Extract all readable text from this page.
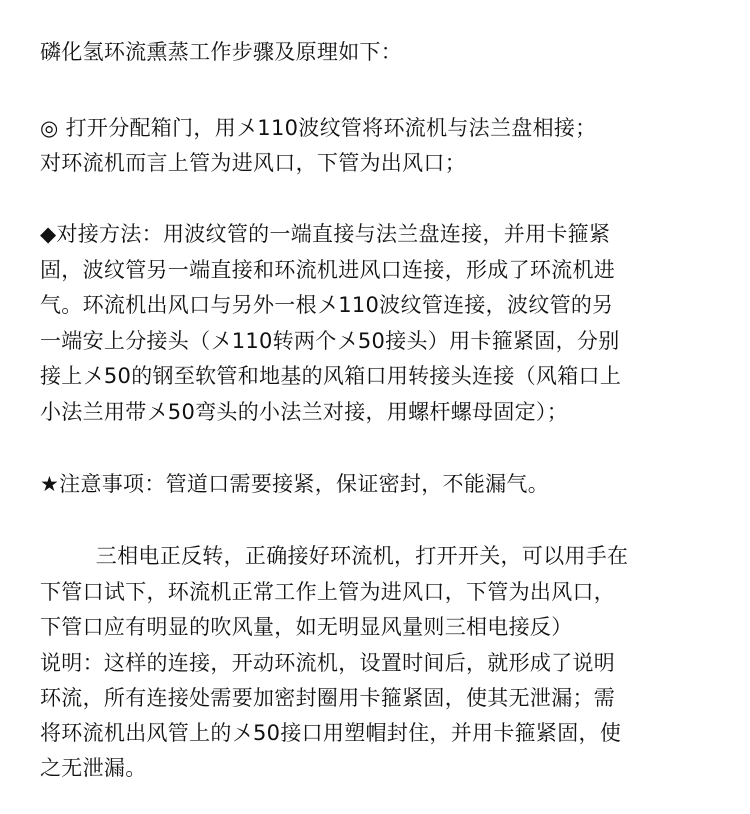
磷化氢环流熏蒸工作步骤及原理如下：
◎ 打开分配箱门，用〤110波纹管将环流机与法兰盘相接；
对环流机而言上管为进风口，下管为出风口；
◆对接方法：用波纹管的一端直接与法兰盘连接，并用卡箍紧
固，波纹管另一端直接和环流机进风口连接，形成了环流机进
气。环流机出风口与另外一根〤110波纹管连接，波纹管的另
一端安上分接头（〤110转两个〤50接头）用卡箍紧固，分别
接上〤50的钢至软管和地基的风箱口用转接头连接（风箱口上
小法兰用带〤50弯头的小法兰对接，用螺杆螺母固定）；
★注意事项：管道口需要接紧，保证密封，不能漏气。
三相电正反转，正确接好环流机，打开开关，可以用手在
下管口试下，环流机正常工作上管为进风口，下管为出风口，
下管口应有明显的吹风量，如无明显风量则三相电接反）
说明：这样的连接，开动环流机，设置时间后，就形成了说明
环流，所有连接处需要加密封圈用卡箍紧固，使其无泄漏；需
将环流机出风管上的〤50接口用塑帽封住，并用卡箍紧固，使
之无泄漏。
